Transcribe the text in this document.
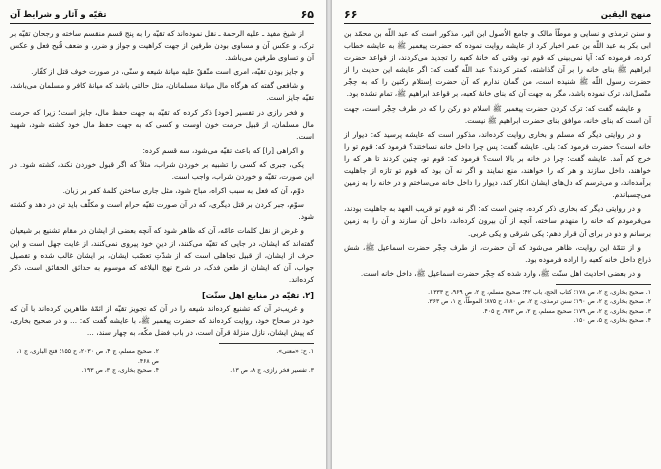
۶۵
تقیّه و آثار و شرایط آن

از شیخ مفید ـ علیه الرحمة ـ نقل نموده‌اند که تقیّه را به پنج قسم منقسم ساخته و رجحان تقیّه بر ترک، و عکس آن و مساوی بودن طرفین از جهت کراهیت و جواز و ضرر، و ضعف قُبح فعل و عکس آن و تساوی طرفین می‌باشد.

و جایز بودن تقیّه، امری است متّفقٌ علیه میانهٔ شیعه و سنّی، در صورت خوف قتل از کفّار.

و شافعی گفته که هرگاه مال میانهٔ مسلمانان، مثل حالتی باشد که میانهٔ کافر و مسلمان می‌باشد، تقیّه جایز است.

و فخر رازی در تفسیر [خود] ذکر کرده که تقیّه به جهت حفظ مال، جایز است؛ زیرا که حرمت مال مسلمان، از قبیل حرمت خون اوست و کسی که به جهت حفظ مال خود کشته شود، شهید است.

و اکراهی [را] که باعث تقیّه می‌شود، سه قسم کرده:

یکی، جبری که کسی را تشبیه بر خوردن شراب، مثلاً که اگر قبول خوردن نکند، کشته شود. در این صورت، تقیّه و خوردن شراب، واجب است.

دوّم، آن که فعل به سبب اکراه، مباح شود، مثل جاری ساختن کلمهٔ کفر بر زبان.

سوّم، جبر کردن بر قتل دیگری، که در آن صورت تقیّه حرام است و مکلّف باید تن در دهد و کشته شود.

و غرض از نقل کلمات عامّه، آن که ظاهر شود که آنچه بعضی از ایشان در مقام تشنیع بر شیعیان گفته‌اند که ایشان، در جایی که تقیّه می‌کنند، از دینِ خود پیروی نمی‌کنند، از غایت جهل است و این حرف از ایشان، از قبیل تجاهلی است که از شدّتِ تعصّب ایشان، بر ایشان غالب شده و تفصیل جواب، آن که ایشان از طعن فدک، در شرح نهج البلاغه که موسوم به حدائق الحقائق است، ذکر کرده‌اند.

[۲. تقیّه در منابع اهل سنّت]

و غریب‌تر آن که تشنیع کرده‌اند شیعه را در آن که تجویز تقیّه از ائمّهٔ طاهرین کرده‌اند با آن که خود در صحاح خود، روایت کرده‌اند که حضرت پیغمبر ﷺ، با عایشه گفت که: ... و در صحیح بخاری، که پیش ایشان، نازل منزلهٔ قرآن است، در باب فضل مکّه، به چهار سند، ...

۱. ح: «معنی».
۲. صحیح مسلم، ج ۴، ص ۲۰۳۰، ح ۱۵۵؛ فتح الباری، ج ۱، ص ۴۶۸.
۳. تفسیر فخر رازی، ج ۸، ص ۱۳.
۴. صحیح بخاری، ج ۳، ص ۱۹۳.
منهج الیقین
۶۶

و سنن ترمذی و نسایی و موطّأ مالک و جامع الاُصول ابن اثیر، مذکور است که عبد اللّه بن محمّد بن ابی بکر به عبد اللّه بن عمر اخبار کرد از عایشه روایت نموده که حضرت پیغمبر ﷺ به عایشه خطاب کرده، فرموده که: آیا نمی‌بینی که قوم تو، وقتی که خانهٔ کعبه را تجدید می‌کردند، از قواعد حضرت ابراهیم ﷺ بنای خانه را بر آن گذاشته، کمتر کردند؟ عبد اللّه گفت که: اگر عایشه این حدیث را از حضرت رسول اللّه ﷺ شنیده است، من گمان ندارم که آن حضرت اِستلام رکنین را که به حِجْر متّصل‌اند، ترک نموده باشد، مگر به جهت آن که بنای خانهٔ کعبه، بر قواعد ابراهیم ﷺ، تمام نشده بود.

و عایشه گفت که: ترک کردن حضرت پیغمبر ﷺ اسلام دو رکن را که در طرف حِجْر است، جهت آن است که بنای خانه، موافق بنای حضرت ابراهیم ﷺ نیست.

و در روایتی دیگر که مسلم و بخاری روایت کرده‌اند، مذکور است که عایشه پرسید که: دیوار از خانه است؟ حضرت فرمود که: بلی. عایشه گفت: پس چرا داخل خانه نساختند؟ فرمود که: قوم تو را خرج کم آمد. عایشه گفت: چرا در خانه بر بالا است؟ فرمود که: قوم تو، چنین کردند تا هر که را خواهند، داخل سازند و هر که را خواهند، منع نمایند و اگر نه آن بود که قوم تو تازه از جاهلیت برآمده‌اند، و می‌ترسم که دل‌های ایشان انکار کند، دیوار را داخل خانه می‌ساختم و در خانه را به زمین می‌چسباندم.

و در روایتی دیگر که بخاری ذکر کرده، چنین است که: اگر نه قوم تو قریب العهد به جاهلیت بودند، می‌فرمودم که خانه را منهدم ساخته، آنچه از آن بیرون کرده‌اند، داخل آن سازند و آن را به زمین برسانم و دو در برای آن قرار دهم: یکی شرقی و یکی غربی.

و از تتمّهٔ این روایت، ظاهر می‌شود که آن حضرت، از طرف حِجْر حضرت اسماعیل ﷺ، شش ذراع داخل خانه کعبه را اراده فرموده بود.

و در بعضی احادیث اهل سنّت ﷺ، وارد شده که حِجْر حضرت اسماعیل ﷺ، داخل خانه است.

۱. صحیح بخاری، ج ۲، ص ۱۷۸؛ کتاب الحج، باب ۴۲؛ صحیح مسلم، ج ۲، ص ۹۶۹، ح ۱۳۳۳.
۲. صحیح بخاری، ج ۲، ص ۱۹۰؛ سنن ترمذی، ج ۲، ص ۱۸۰، ح ۸۷۵؛ الموطّأ، ج ۱، ص ۳۶۳.
۳. صحیح بخاری، ج ۲، ص ۱۷۹؛ صحیح مسلم، ج ۲، ص ۹۷۳، ح ۴۰۵.
۴. صحیح بخاری، ج ۵، ص ۱۵۰.
